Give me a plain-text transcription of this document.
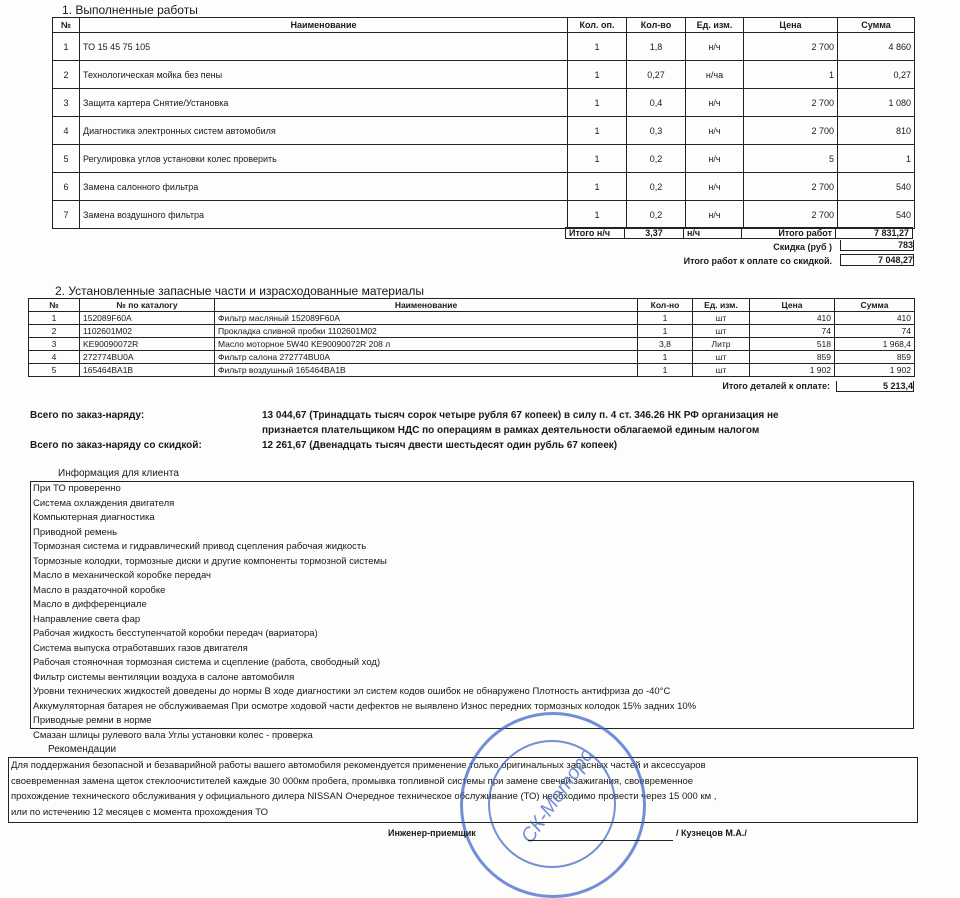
1. Выполненные работы
№	Наименование	Кол. оп.	Кол-во	Ед. изм.	Цена	Сумма
1	ТО 15 45 75 105	1	1,8	н/ч	2 700	4 860
2	Технологическая мойка без пены	1	0,27	н/ча	1	0,27
3	Защита картера Снятие/Установка	1	0,4	н/ч	2 700	1 080
4	Диагностика электронных систем автомобиля	1	0,3	н/ч	2 700	810
5	Регулировка углов установки колес проверить	1	0,2	н/ч	5	1
6	Замена салонного фильтра	1	0,2	н/ч	2 700	540
7	Замена воздушного фильтра	1	0,2	н/ч	2 700	540
Итого н/ч	3,37	н/ч	Итого работ	7 831,27
Скидка (руб )	783
Итого работ к оплате со скидкой.	7 048,27
2. Установленные запасные части и израсходованные материалы
№	№ по каталогу	Наименование	Кол-но	Ед. изм.	Цена	Сумма
1	152089F60A	Фильтр масляный 152089F60A	1	шт	410	410
2	1102601M02	Прокладка сливной пробки 1102601M02	1	шт	74	74
3	KE90090072R	Масло моторное 5W40 KE90090072R 208 л	3,8	Литр	518	1 968,4
4	272774BU0A	Фильтр салона 272774BU0A	1	шт	859	859
5	165464BA1B	Фильтр воздушный 165464BA1B	1	шт	1 902	1 902
Итого деталей к оплате:	5 213,4
Всего по заказ-наряду:	13 044,67 (Тринадцать тысяч сорок четыре рубля 67 копеек) в силу п. 4 ст. 346.26 НК РФ организация не
признается плательщиком НДС по операциям в рамках деятельности облагаемой единым налогом
Всего по заказ-наряду со скидкой:	12 261,67 (Двенадцать тысяч двести шестьдесят один рубль 67 копеек)
Информация для клиента
При ТО проверенно
Система охлаждения двигателя
Компьютерная диагностика
Приводной ремень
Тормозная система и гидравлический привод сцепления рабочая жидкость
Тормозные колодки, тормозные диски и другие компоненты тормозной системы
Масло в механической коробке передач
Масло в раздаточной коробке
Масло в дифференциале
Направление света фар
Рабочая жидкость бесступенчатой коробки передач (вариатора)
Система выпуска отработавших газов двигателя
Рабочая стояночная тормозная система и сцепление (работа, свободный ход)
Фильтр системы вентиляции воздуха в салоне автомобиля
Уровни технических жидкостей доведены до нормы В ходе диагностики эл систем кодов ошибок не обнаружено Плотность антифриза до -40°С
Аккумуляторная батарея не обслуживаемая При осмотре ходовой части дефектов не выявлено Износ передних тормозных колодок 15% задних 10%
Приводные ремни в норме
Смазан шлицы рулевого вала Углы установки колес - проверка
Рекомендации
Для поддержания безопасной и безаварийной работы вашего автомобиля рекомендуется применение только оригинальных запасных частей и аксессуаров
своевременная замена щеток стеклоочистителей каждые 30 000км пробега, промывка топливной системы при замене свечей зажигания, своевременное
прохождение технического обслуживания у официального дилера NISSAN Очередное техническое обслуживание (ТО) необходимо провести через 15 000 км ,
или по истечению 12 месяцев с момента прохождения ТО	СК-Моторс
Инженер-приемщик	/ Кузнецов М.А./
